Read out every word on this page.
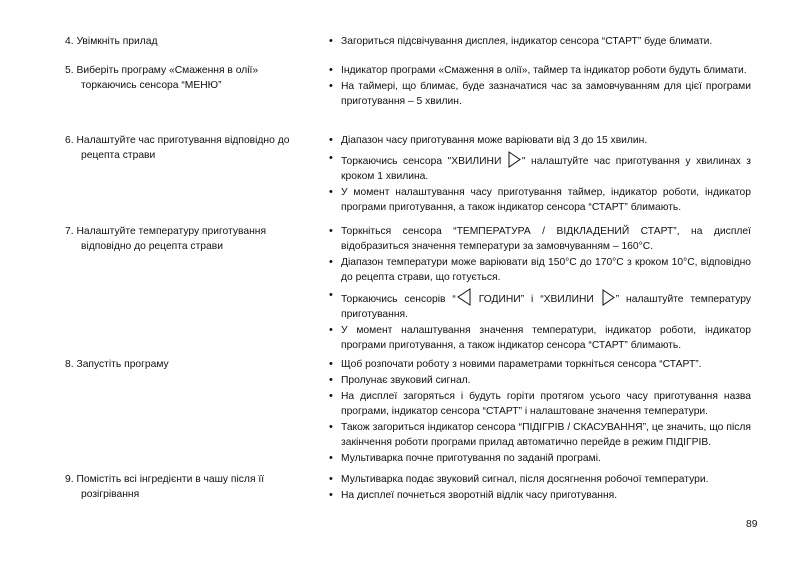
4. Увімкніть прилад	• Загориться підсвічування дисплея, індикатор сенсора “СТАРТ” буде блимати.
5. Виберіть програму «Смаження в олії»
торкаючись сенсора “МЕНЮ”
• Індикатор програми «Смаження в олії», таймер та індикатор роботи будуть блимати.
• На таймері, що блимає, буде зазначатися час за замовчуванням для цієї програми приготування – 5 хвилин.
6. Налаштуйте час приготування відповідно до
рецепта страви
• Діапазон часу приготування може варіювати від 3 до 15 хвилин.
• Торкаючись сенсора "ХВИЛИНИ " налаштуйте час приготування у хвилинах з кроком 1 хвилина.
• У момент налаштування часу приготування таймер, індикатор роботи, індикатор програми приготування, а також індикатор сенсора “СТАРТ” блимають.
7. Налаштуйте температуру приготування
відповідно до рецепта страви
• Торкніться сенсора “ТЕМПЕРАТУРА / ВІДКЛАДЕНИЙ СТАРТ”, на дисплеї відобразиться значення температури за замовчуванням – 160°С.
• Діапазон температури може варіювати від 150°С до 170°С з кроком 10°С, відповідно до рецепта страви, що готується.
• Торкаючись сенсорів “ ГОДИНИ” і “ХВИЛИНИ ” налаштуйте температуру приготування.
• У момент налаштування значення температури, індикатор роботи, індикатор програми приготування, а також індикатор сенсора “СТАРТ” блимають.
8. Запустіть програму	• Щоб розпочати роботу з новими параметрами торкніться сенсора “СТАРТ”.
• Пролунає звуковий сигнал.
• На дисплеї загоряться і будуть горіти протягом усього часу приготування назва програми, індикатор сенсора “СТАРТ” і налаштоване значення температури.
• Також загориться індикатор сенсора “ПІДІГРІВ / СКАСУВАННЯ”, це значить, що після закінчення роботи програми прилад автоматично перейде в режим ПІДІГРІВ.
• Мультиварка почне приготування по заданій програмі.
9. Помістіть всі інгредієнти в чашу після її
розігрівання
• Мультиварка подає звуковий сигнал, після досягнення робочої температури.
• На дисплеї почнеться зворотній відлік часу приготування.
89
